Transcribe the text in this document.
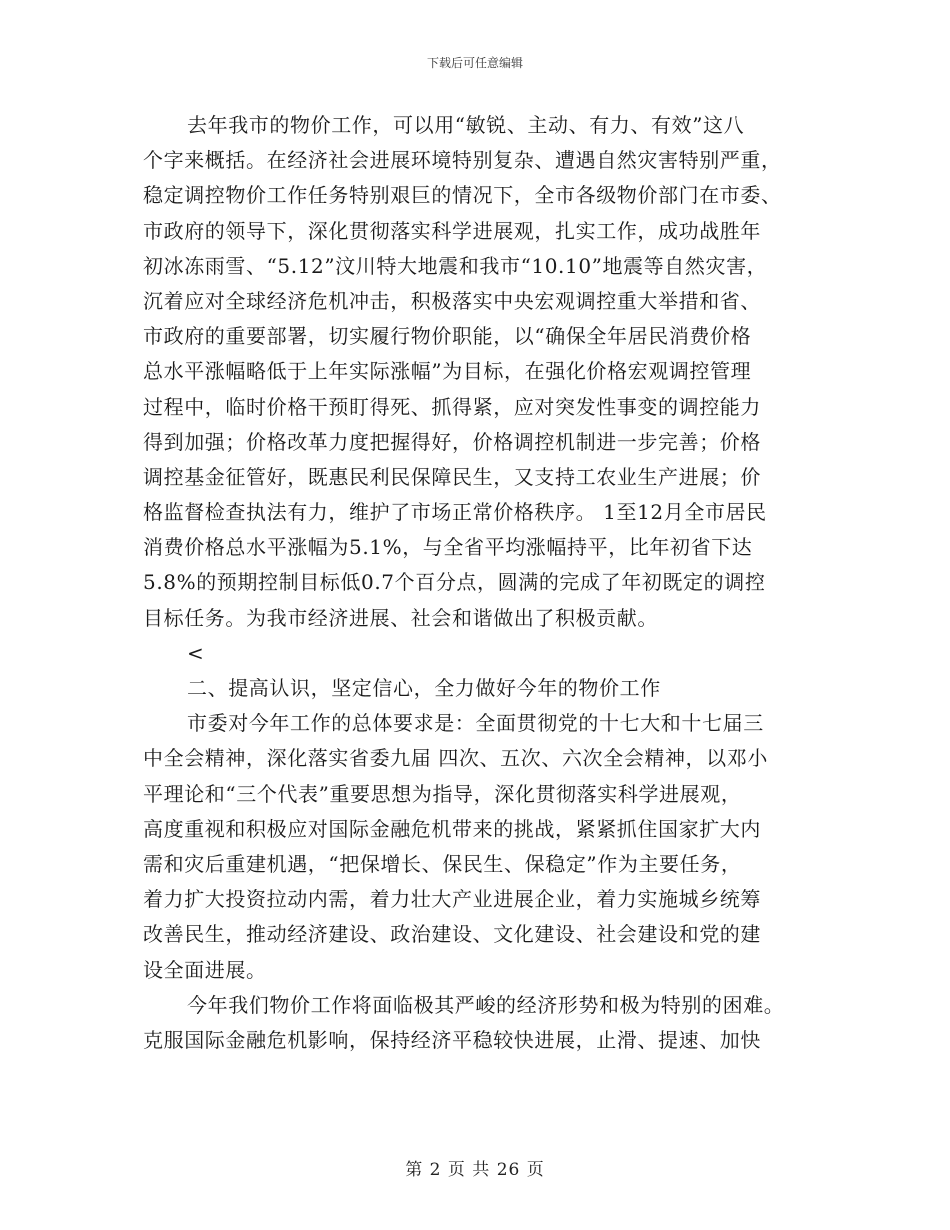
下载后可任意编辑
去年我市的物价工作，可以用“敏锐、主动、有力、有效”这八
个字来概括。在经济社会进展环境特别复杂、遭遇自然灾害特别严重，
稳定调控物价工作任务特别艰巨的情况下，全市各级物价部门在市委、
市政府的领导下，深化贯彻落实科学进展观，扎实工作，成功战胜年
初冰冻雨雪、“5.12”汶川特大地震和我市“10.10”地震等自然灾害，
沉着应对全球经济危机冲击，积极落实中央宏观调控重大举措和省、
市政府的重要部署，切实履行物价职能，以“确保全年居民消费价格
总水平涨幅略低于上年实际涨幅”为目标，在强化价格宏观调控管理
过程中，临时价格干预盯得死、抓得紧，应对突发性事变的调控能力
得到加强；价格改革力度把握得好，价格调控机制进一步完善；价格
调控基金征管好，既惠民利民保障民生，又支持工农业生产进展；价
格监督检查执法有力，维护了市场正常价格秩序。 1至12月全市居民
消费价格总水平涨幅为5.1%，与全省平均涨幅持平，比年初省下达
5.8%的预期控制目标低0.7个百分点，圆满的完成了年初既定的调控
目标任务。为我市经济进展、社会和谐做出了积极贡献。
<
二、提高认识，坚定信心，全力做好今年的物价工作
市委对今年工作的总体要求是：全面贯彻党的十七大和十七届三
中全会精神，深化落实省委九届 四次、五次、六次全会精神，以邓小
平理论和“三个代表”重要思想为指导，深化贯彻落实科学进展观，
高度重视和积极应对国际金融危机带来的挑战，紧紧抓住国家扩大内
需和灾后重建机遇，“把保增长、保民生、保稳定”作为主要任务，
着力扩大投资拉动内需，着力壮大产业进展企业，着力实施城乡统筹
改善民生，推动经济建设、政治建设、文化建设、社会建设和党的建
设全面进展。
今年我们物价工作将面临极其严峻的经济形势和极为特别的困难。
克服国际金融危机影响，保持经济平稳较快进展，止滑、提速、加快
第 2 页 共 26 页
